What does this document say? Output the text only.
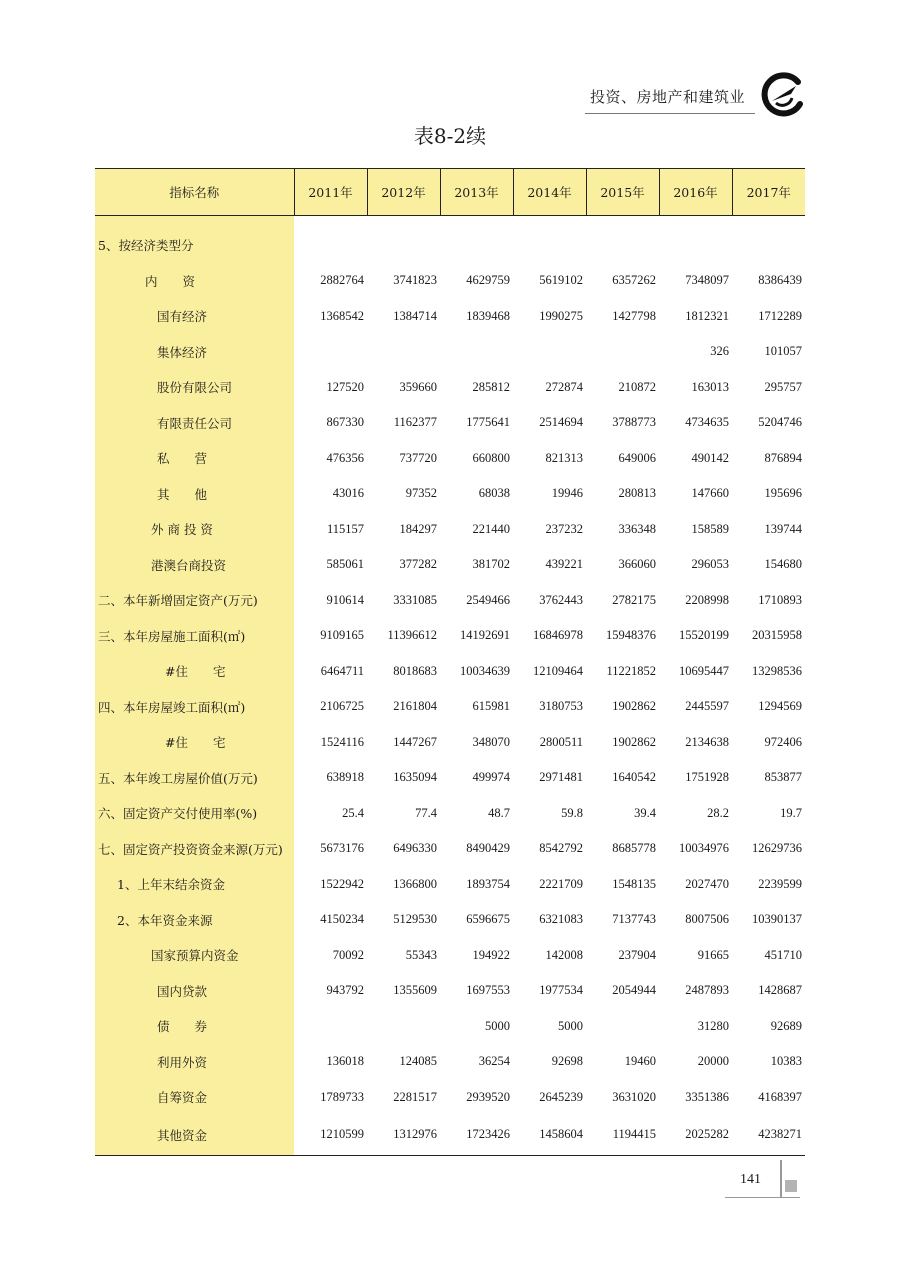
投资、房地产和建筑业
表8-2续
指标名称	2011年	2012年	2013年	2014年	2015年	2016年	2017年

5、按经济类型分							
内　　资	2882764	3741823	4629759	5619102	6357262	7348097	8386439
国有经济	1368542	1384714	1839468	1990275	1427798	1812321	1712289
集体经济						326	101057
股份有限公司	127520	359660	285812	272874	210872	163013	295757
有限责任公司	867330	1162377	1775641	2514694	3788773	4734635	5204746
私　　营	476356	737720	660800	821313	649006	490142	876894
其　　他	43016	97352	68038	19946	280813	147660	195696
外 商 投 资	115157	184297	221440	237232	336348	158589	139744
港澳台商投资	585061	377282	381702	439221	366060	296053	154680
二、本年新增固定资产(万元)	910614	3331085	2549466	3762443	2782175	2208998	1710893
三、本年房屋施工面积(㎡)	9109165	11396612	14192691	16846978	15948376	15520199	20315958
#住　　宅	6464711	8018683	10034639	12109464	11221852	10695447	13298536
四、本年房屋竣工面积(㎡)	2106725	2161804	615981	3180753	1902862	2445597	1294569
#住　　宅	1524116	1447267	348070	2800511	1902862	2134638	972406
五、本年竣工房屋价值(万元)	638918	1635094	499974	2971481	1640542	1751928	853877
六、固定资产交付使用率(%)	25.4	77.4	48.7	59.8	39.4	28.2	19.7
七、固定资产投资资金来源(万元)	5673176	6496330	8490429	8542792	8685778	10034976	12629736
1、上年末结余资金	1522942	1366800	1893754	2221709	1548135	2027470	2239599
2、本年资金来源	4150234	5129530	6596675	6321083	7137743	8007506	10390137
国家预算内资金	70092	55343	194922	142008	237904	91665	451710
国内贷款	943792	1355609	1697553	1977534	2054944	2487893	1428687
债　　券			5000	5000		31280	92689
利用外资	136018	124085	36254	92698	19460	20000	10383
自筹资金	1789733	2281517	2939520	2645239	3631020	3351386	4168397
其他资金	1210599	1312976	1723426	1458604	1194415	2025282	4238271
141
